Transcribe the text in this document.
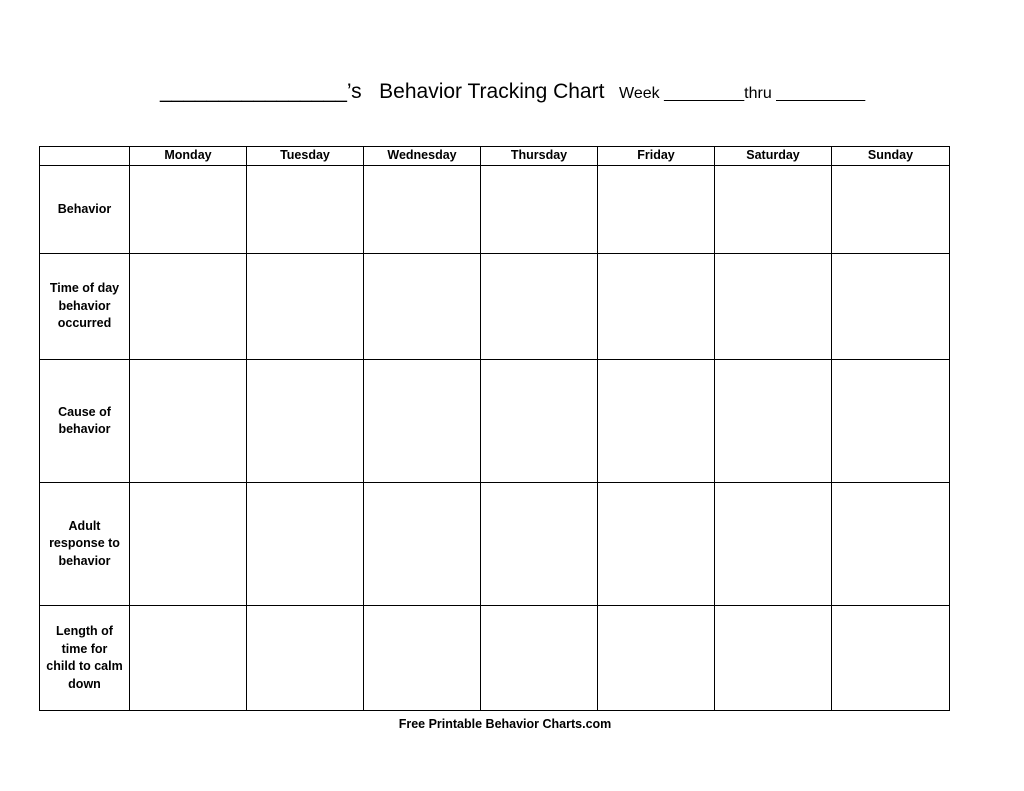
________________’s Behavior Tracking Chart Week _________thru __________
	Monday	Tuesday	Wednesday	Thursday	Friday	Saturday	Sunday

Behavior							

Time of day
behavior
occurred							

Cause of
behavior							

Adult
response to
behavior							

Length of
time for
child to calm
down							

Free Printable Behavior Charts.com
